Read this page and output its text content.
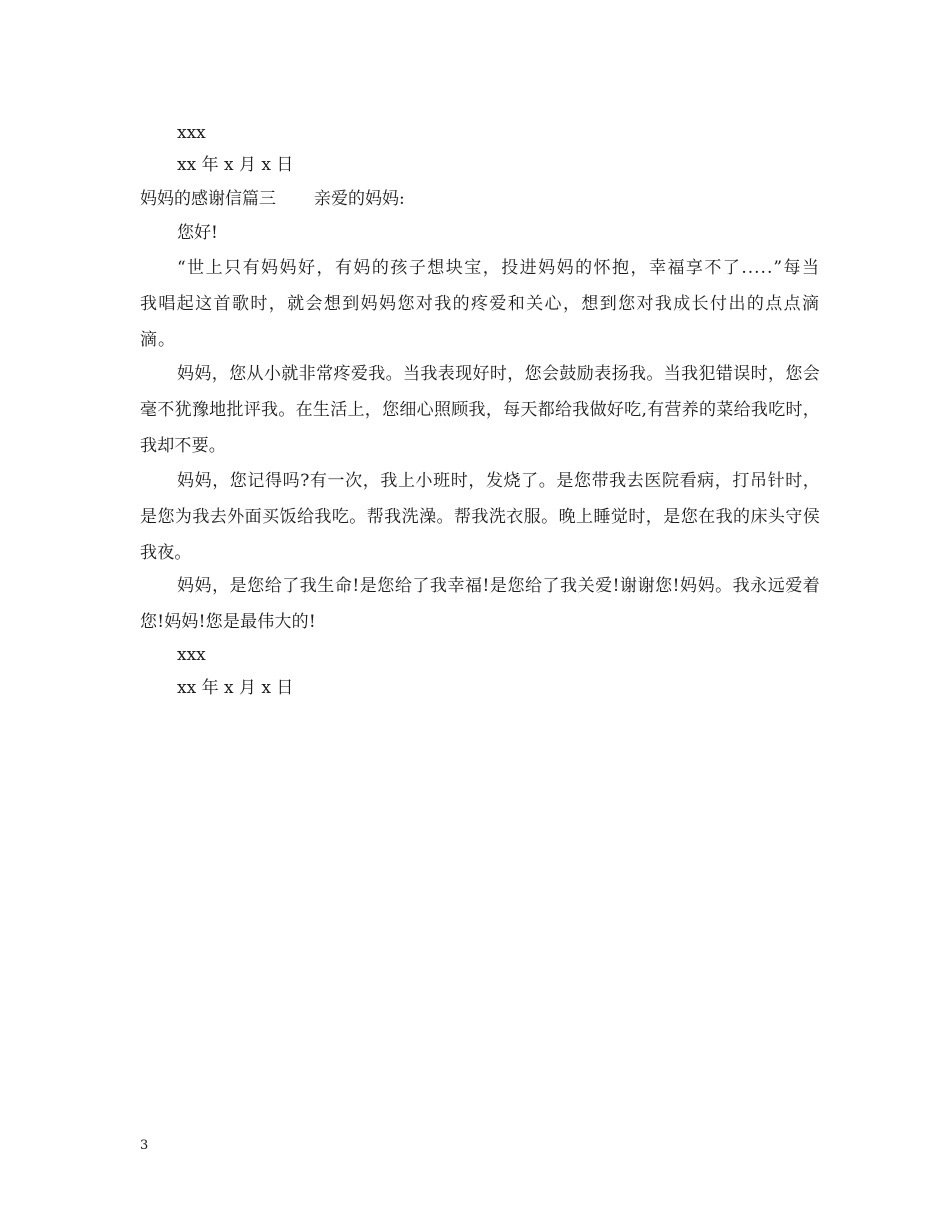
xxx
xx 年 x 月 x 日
妈妈的感谢信篇三 亲爱的妈妈:
您好!
“世上只有妈妈好，有妈的孩子想块宝，投进妈妈的怀抱，幸福享不了.....”每当我唱起这首歌时，就会想到妈妈您对我的疼爱和关心，想到您对我成长付出的点点滴滴。
妈妈，您从小就非常疼爱我。当我表现好时，您会鼓励表扬我。当我犯错误时，您会毫不犹豫地批评我。在生活上，您细心照顾我，每天都给我做好吃,有营养的菜给我吃时，我却不要。
妈妈，您记得吗?有一次，我上小班时，发烧了。是您带我去医院看病，打吊针时，是您为我去外面买饭给我吃。帮我洗澡。帮我洗衣服。晚上睡觉时，是您在我的床头守侯我夜。
妈妈，是您给了我生命!是您给了我幸福!是您给了我关爱!谢谢您!妈妈。我永远爱着您!妈妈!您是最伟大的!
xxx
xx 年 x 月 x 日
3
